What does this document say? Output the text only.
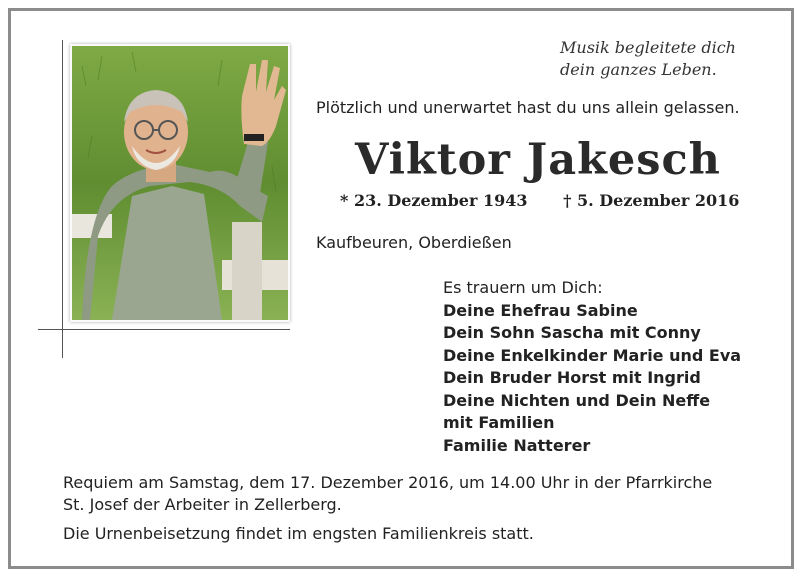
Musik begleitete dich
dein ganzes Leben.
Plötzlich und unerwartet hast du uns allein gelassen.
Viktor Jakesch
* 23. Dezember 1943 † 5. Dezember 2016
Kaufbeuren, Oberdießen
Es trauern um Dich:
Deine Ehefrau Sabine
Dein Sohn Sascha mit Conny
Deine Enkelkinder Marie und Eva
Dein Bruder Horst mit Ingrid
Deine Nichten und Dein Neffe
mit Familien
Familie Natterer
Requiem am Samstag, dem 17. Dezember 2016, um 14.00 Uhr in der Pfarrkirche
St. Josef der Arbeiter in Zellerberg.
Die Urnenbeisetzung findet im engsten Familienkreis statt.
